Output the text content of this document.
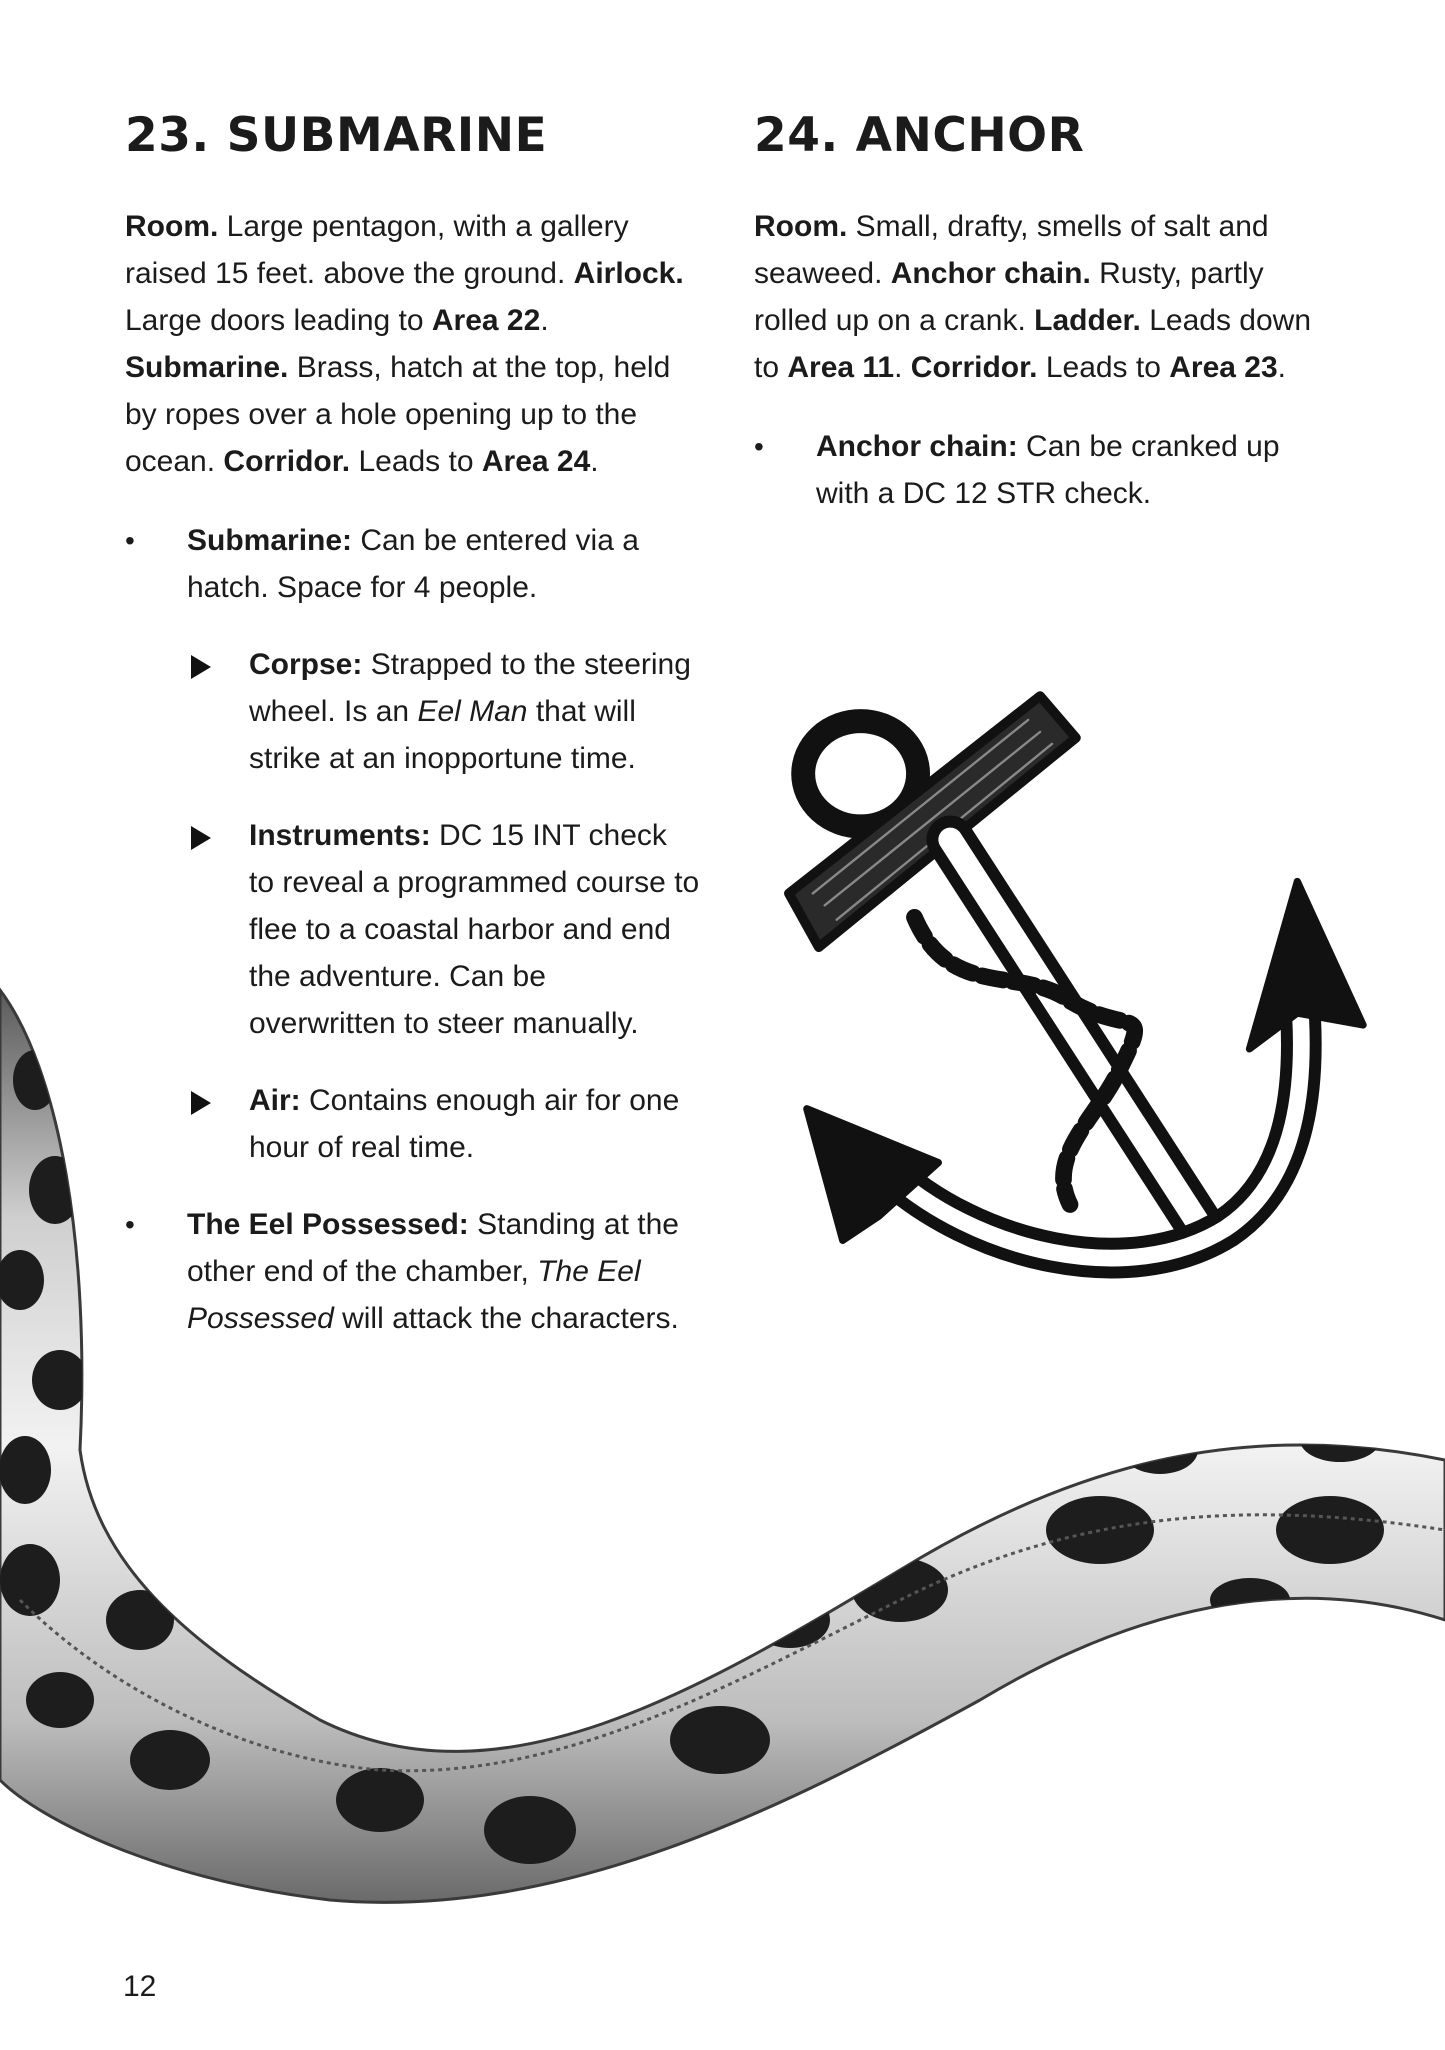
23. SUBMARINE

Room. Large pentagon, with a gallery raised 15 feet. above the ground. Airlock. Large doors leading to Area 22. Submarine. Brass, hatch at the top, held by ropes over a hole opening up to the ocean. Corridor. Leads to Area 24.

• Submarine: Can be entered via a hatch. Space for 4 people.
Corpse: Strapped to the steering wheel. Is an Eel Man that will strike at an inopportune time.
Instruments: DC 15 INT check to reveal a programmed course to flee to a coastal harbor and end the adventure. Can be overwritten to steer manually.
Air: Contains enough air for one hour of real time.
• The Eel Possessed: Standing at the other end of the chamber, The Eel Possessed will attack the characters.
24. ANCHOR

Room. Small, drafty, smells of salt and seaweed. Anchor chain. Rusty, partly rolled up on a crank. Ladder. Leads down to Area 11. Corridor. Leads to Area 23.

• Anchor chain: Can be cranked up with a DC 12 STR check.
12
